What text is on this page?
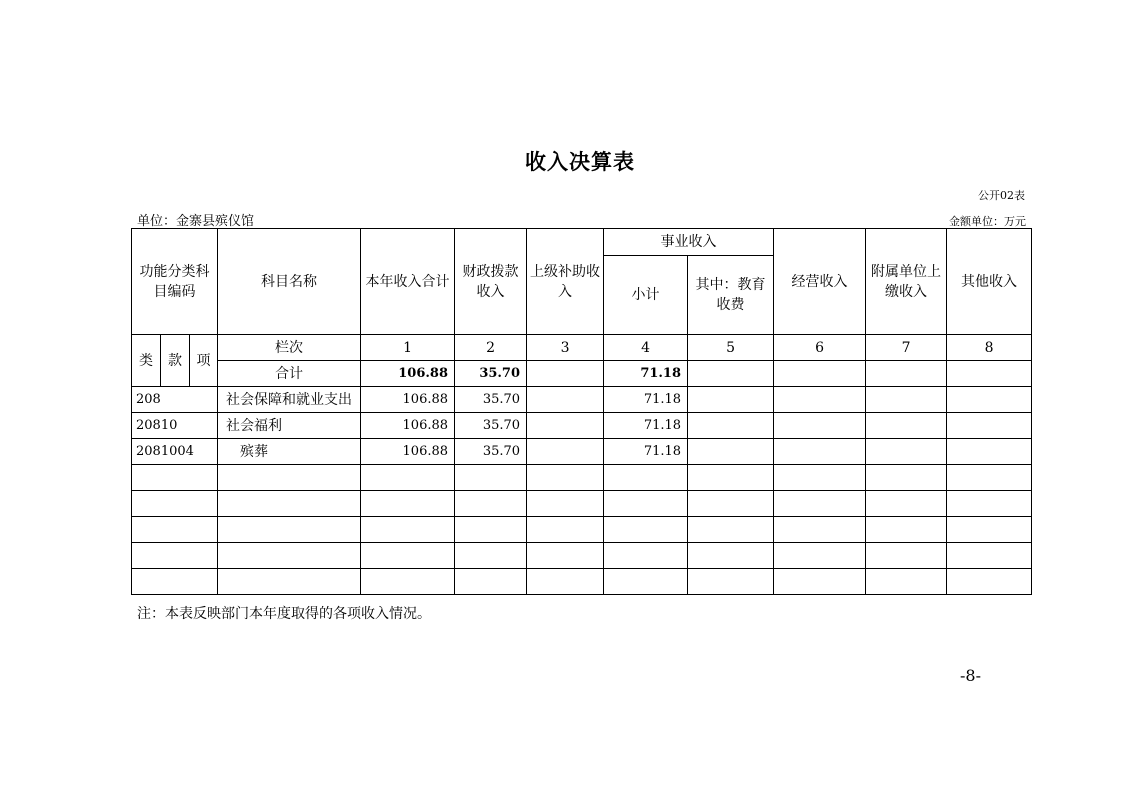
收入决算表
公开02表
单位：金寨县殡仪馆	金额单位：万元
功能分类科目编码			科目名称	本年收入合计	财政拨款收入	上级补助收入	事业收入		经营收入	附属单位上缴收入	其他收入
							小计	其中：教育收费			
类	款	项	栏次	1	2	3	4	5	6	7	8
			合计	106.88	35.70		71.18				
208			社会保障和就业支出	106.88	35.70		71.18				
20810			社会福利	106.88	35.70		71.18				
2081004			殡葬	106.88	35.70		71.18				

注：本表反映部门本年度取得的各项收入情况。
-8-
